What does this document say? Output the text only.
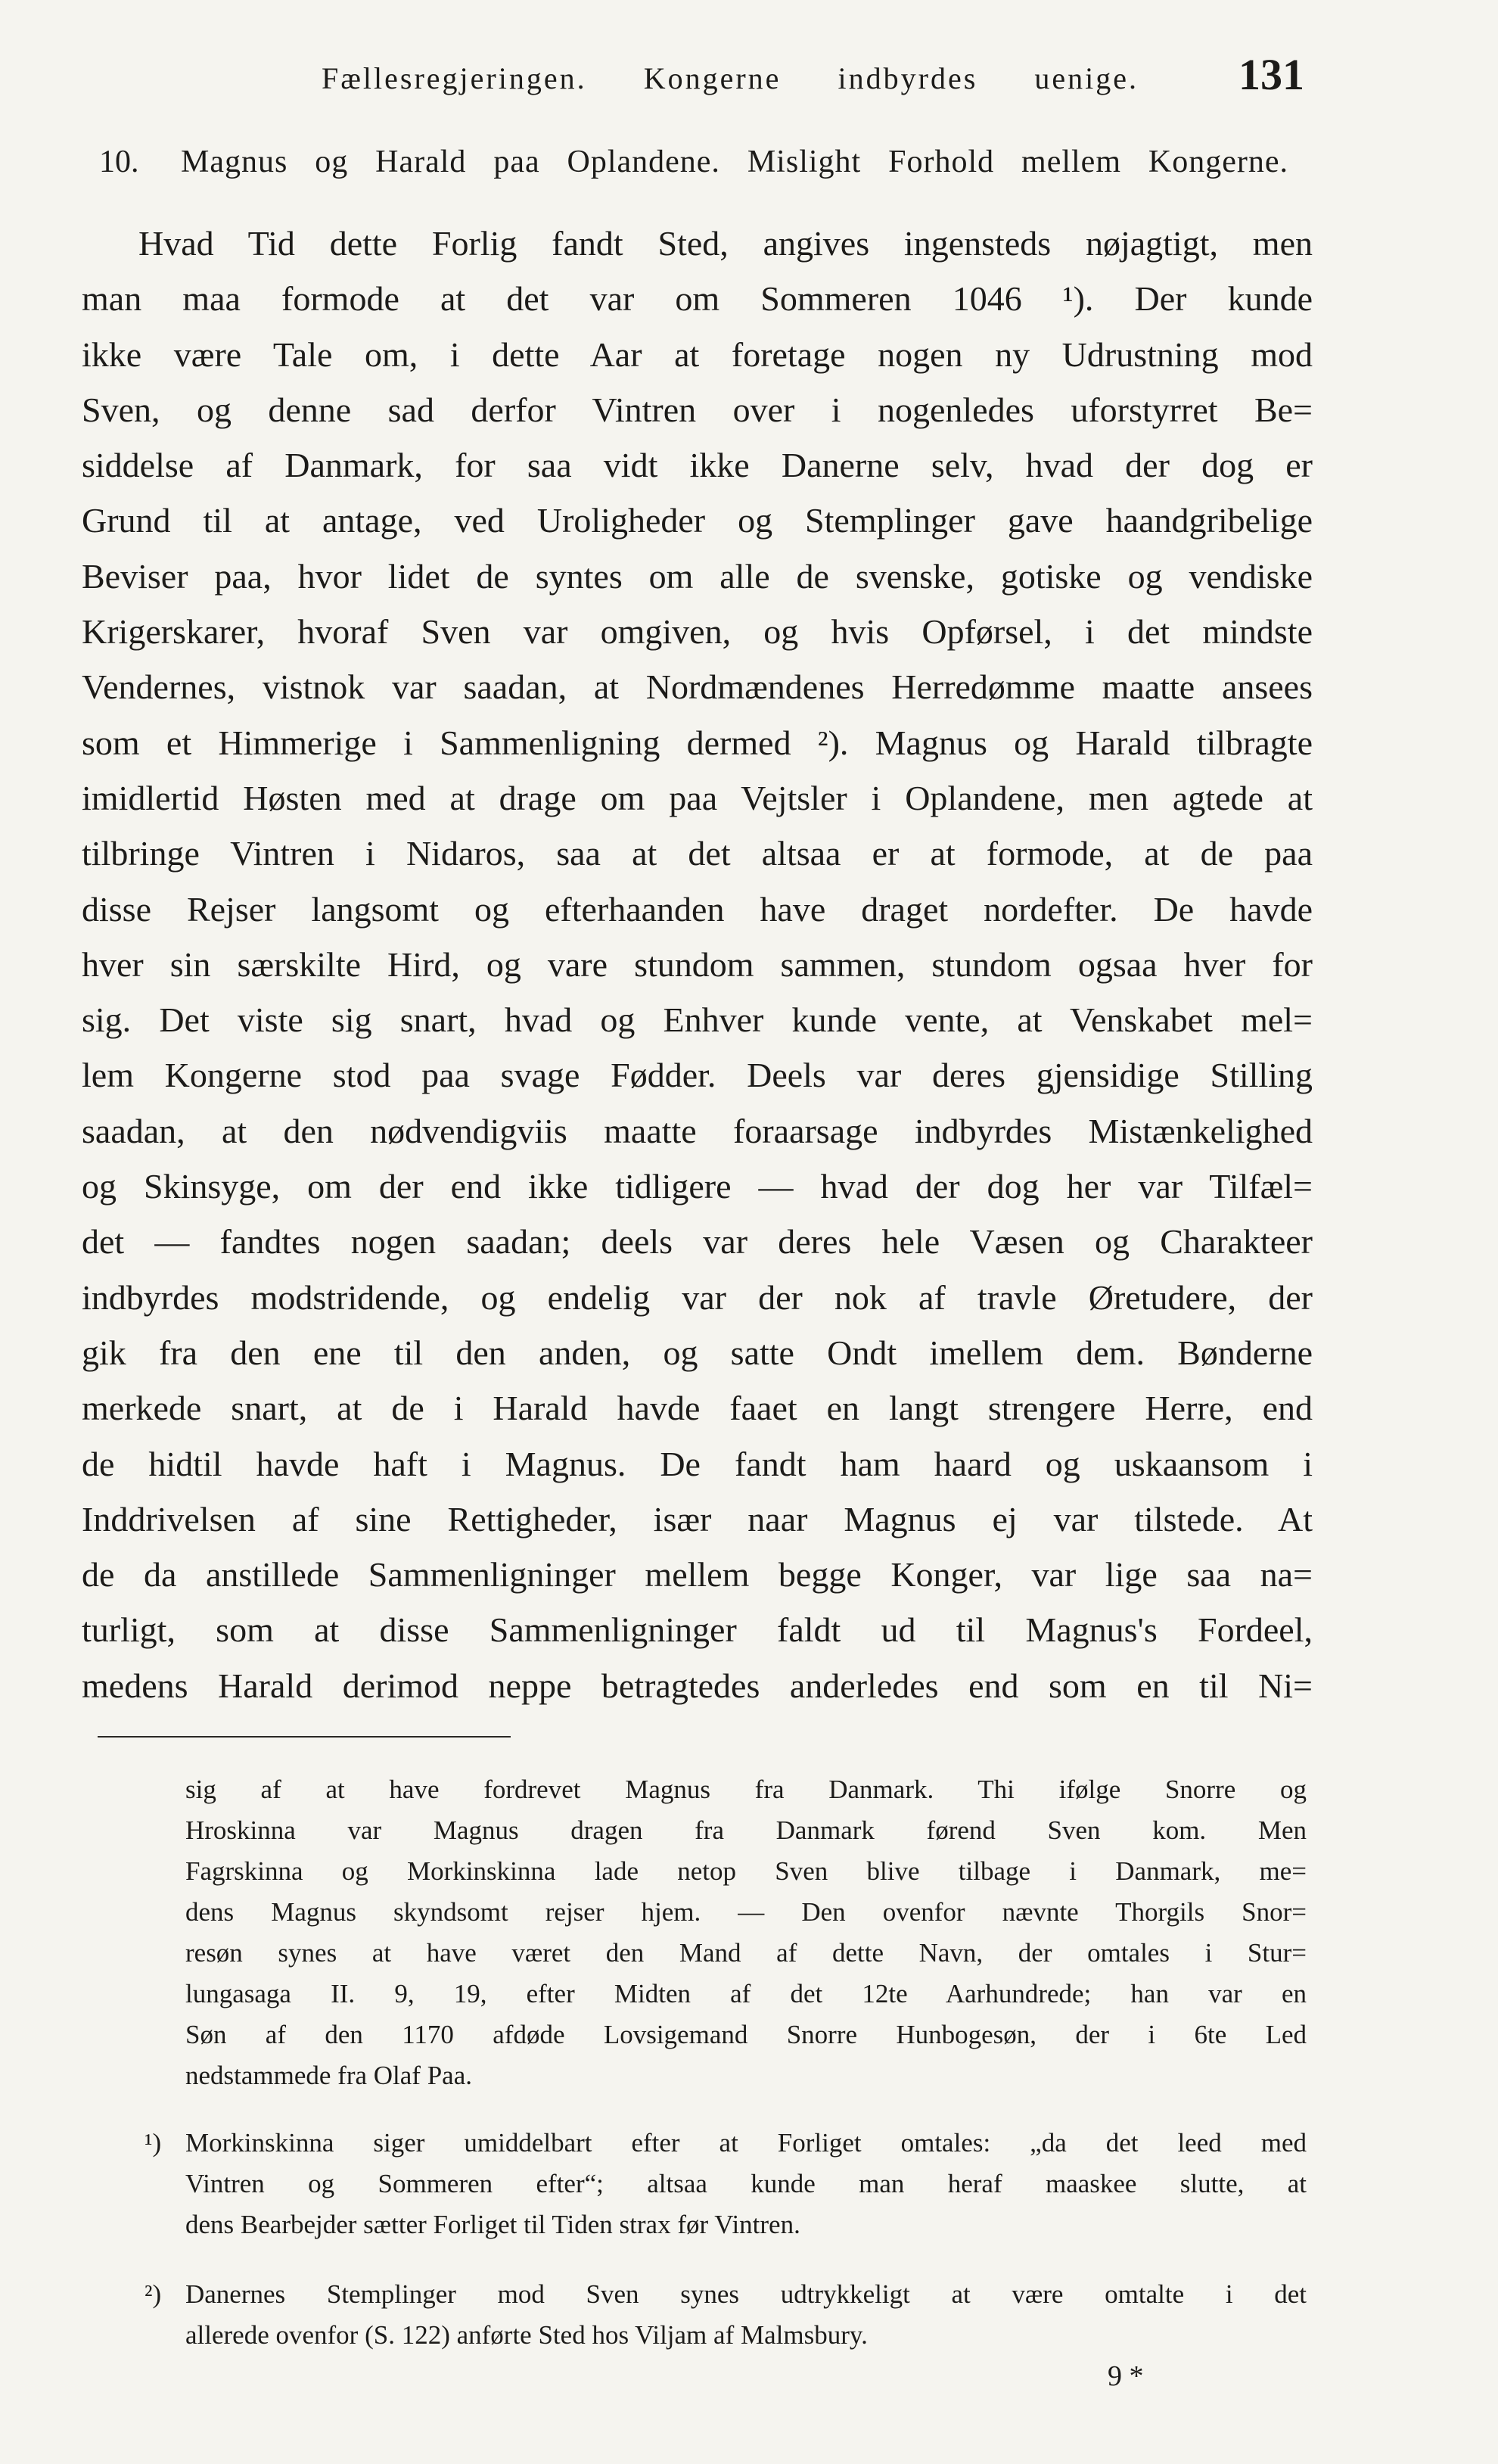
Fællesregjeringen. Kongerne indbyrdes uenige. 131
10.	Magnus og Harald paa Oplandene. Mislight Forhold mellem Kongerne.
Hvad Tid dette Forlig fandt Sted, angives ingensteds nøjagtigt, men
man maa formode at det var om Sommeren 1046 ¹). Der kunde
ikke være Tale om, i dette Aar at foretage nogen ny Udrustning mod
Sven, og denne sad derfor Vintren over i nogenledes uforstyrret Be=
siddelse af Danmark, for saa vidt ikke Danerne selv, hvad der dog er
Grund til at antage, ved Uroligheder og Stemplinger gave haandgribelige
Beviser paa, hvor lidet de syntes om alle de svenske, gotiske og vendiske
Krigerskarer, hvoraf Sven var omgiven, og hvis Opførsel, i det mindste
Vendernes, vistnok var saadan, at Nordmændenes Herredømme maatte ansees
som et Himmerige i Sammenligning dermed ²). Magnus og Harald tilbragte
imidlertid Høsten med at drage om paa Vejtsler i Oplandene, men agtede at
tilbringe Vintren i Nidaros, saa at det altsaa er at formode, at de paa
disse Rejser langsomt og efterhaanden have draget nordefter. De havde
hver sin særskilte Hird, og vare stundom sammen, stundom ogsaa hver for
sig. Det viste sig snart, hvad og Enhver kunde vente, at Venskabet mel=
lem Kongerne stod paa svage Fødder. Deels var deres gjensidige Stilling
saadan, at den nødvendigviis maatte foraarsage indbyrdes Mistænkelighed
og Skinsyge, om der end ikke tidligere — hvad der dog her var Tilfæl=
det — fandtes nogen saadan; deels var deres hele Væsen og Charakteer
indbyrdes modstridende, og endelig var der nok af travle Øretudere, der
gik fra den ene til den anden, og satte Ondt imellem dem. Bønderne
merkede snart, at de i Harald havde faaet en langt strengere Herre, end
de hidtil havde haft i Magnus. De fandt ham haard og uskaansom i
Inddrivelsen af sine Rettigheder, især naar Magnus ej var tilstede. At
de da anstillede Sammenligninger mellem begge Konger, var lige saa na=
turligt, som at disse Sammenligninger faldt ud til Magnus's Fordeel,
medens Harald derimod neppe betragtedes anderledes end som en til Ni=
sig af at have fordrevet Magnus fra Danmark. Thi ifølge Snorre og
Hroskinna var Magnus dragen fra Danmark førend Sven kom. Men
Fagrskinna og Morkinskinna lade netop Sven blive tilbage i Danmark, me=
dens Magnus skyndsomt rejser hjem. — Den ovenfor nævnte Thorgils Snor=
resøn synes at have været den Mand af dette Navn, der omtales i Stur=
lungasaga II. 9, 19, efter Midten af det 12te Aarhundrede; han var en
Søn af den 1170 afdøde Lovsigemand Snorre Hunbogesøn, der i 6te Led
nedstammede fra Olaf Paa.
¹) Morkinskinna siger umiddelbart efter at Forliget omtales: „da det leed med
Vintren og Sommeren efter“; altsaa kunde man heraf maaskee slutte, at
dens Bearbejder sætter Forliget til Tiden strax før Vintren.
²) Danernes Stemplinger mod Sven synes udtrykkeligt at være omtalte i det
allerede ovenfor (S. 122) anførte Sted hos Viljam af Malmsbury.
9 *
